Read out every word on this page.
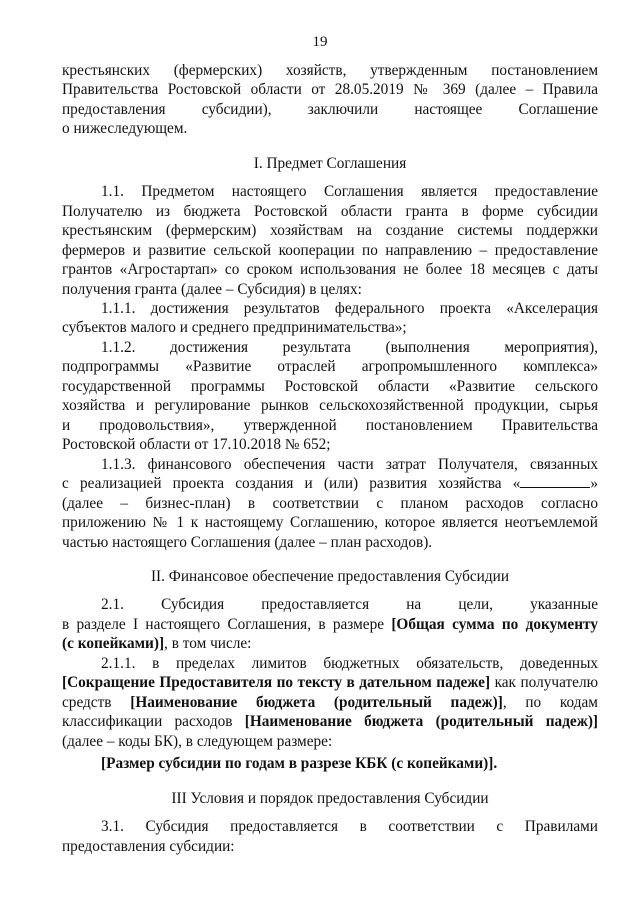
19
крестьянских (фермерских) хозяйств, утвержденным постановлением
Правительства Ростовской области от 28.05.2019 № 369 (далее – Правила
предоставления субсидии), заключили настоящее Соглашение
о нижеследующем.
I. Предмет Соглашения
1.1. Предметом настоящего Соглашения является предоставление
Получателю из бюджета Ростовской области гранта в форме субсидии
крестьянским (фермерским) хозяйствам на создание системы поддержки
фермеров и развитие сельской кооперации по направлению – предоставление
грантов «Агростартап» со сроком использования не более 18 месяцев с даты
получения гранта (далее – Субсидия) в целях:
1.1.1. достижения результатов федерального проекта «Акселерация
субъектов малого и среднего предпринимательства»;
1.1.2. достижения результата (выполнения мероприятия),
подпрограммы «Развитие отраслей агропромышленного комплекса»
государственной программы Ростовской области «Развитие сельского
хозяйства и регулирование рынков сельскохозяйственной продукции, сырья
и продовольствия», утвержденной постановлением Правительства
Ростовской области от 17.10.2018 № 652;
1.1.3. финансового обеспечения части затрат Получателя, связанных
с реализацией проекта создания и (или) развития хозяйства «	»
(далее – бизнес-план) в соответствии с планом расходов согласно
приложению № 1 к настоящему Соглашению, которое является неотъемлемой
частью настоящего Соглашения (далее – план расходов).
II. Финансовое обеспечение предоставления Субсидии
2.1. Субсидия предоставляется на цели, указанные
в разделе I настоящего Соглашения, в размере [Общая сумма по документу
(с копейками)], в том числе:
2.1.1. в пределах лимитов бюджетных обязательств, доведенных
[Сокращение Предоставителя по тексту в дательном падеже] как получателю
средств [Наименование бюджета (родительный падеж)], по кодам
классификации расходов [Наименование бюджета (родительный падеж)]
(далее – коды БК), в следующем размере:
[Размер субсидии по годам в разрезе КБК (с копейками)].
III Условия и порядок предоставления Субсидии
3.1. Субсидия предоставляется в соответствии с Правилами
предоставления субсидии:
